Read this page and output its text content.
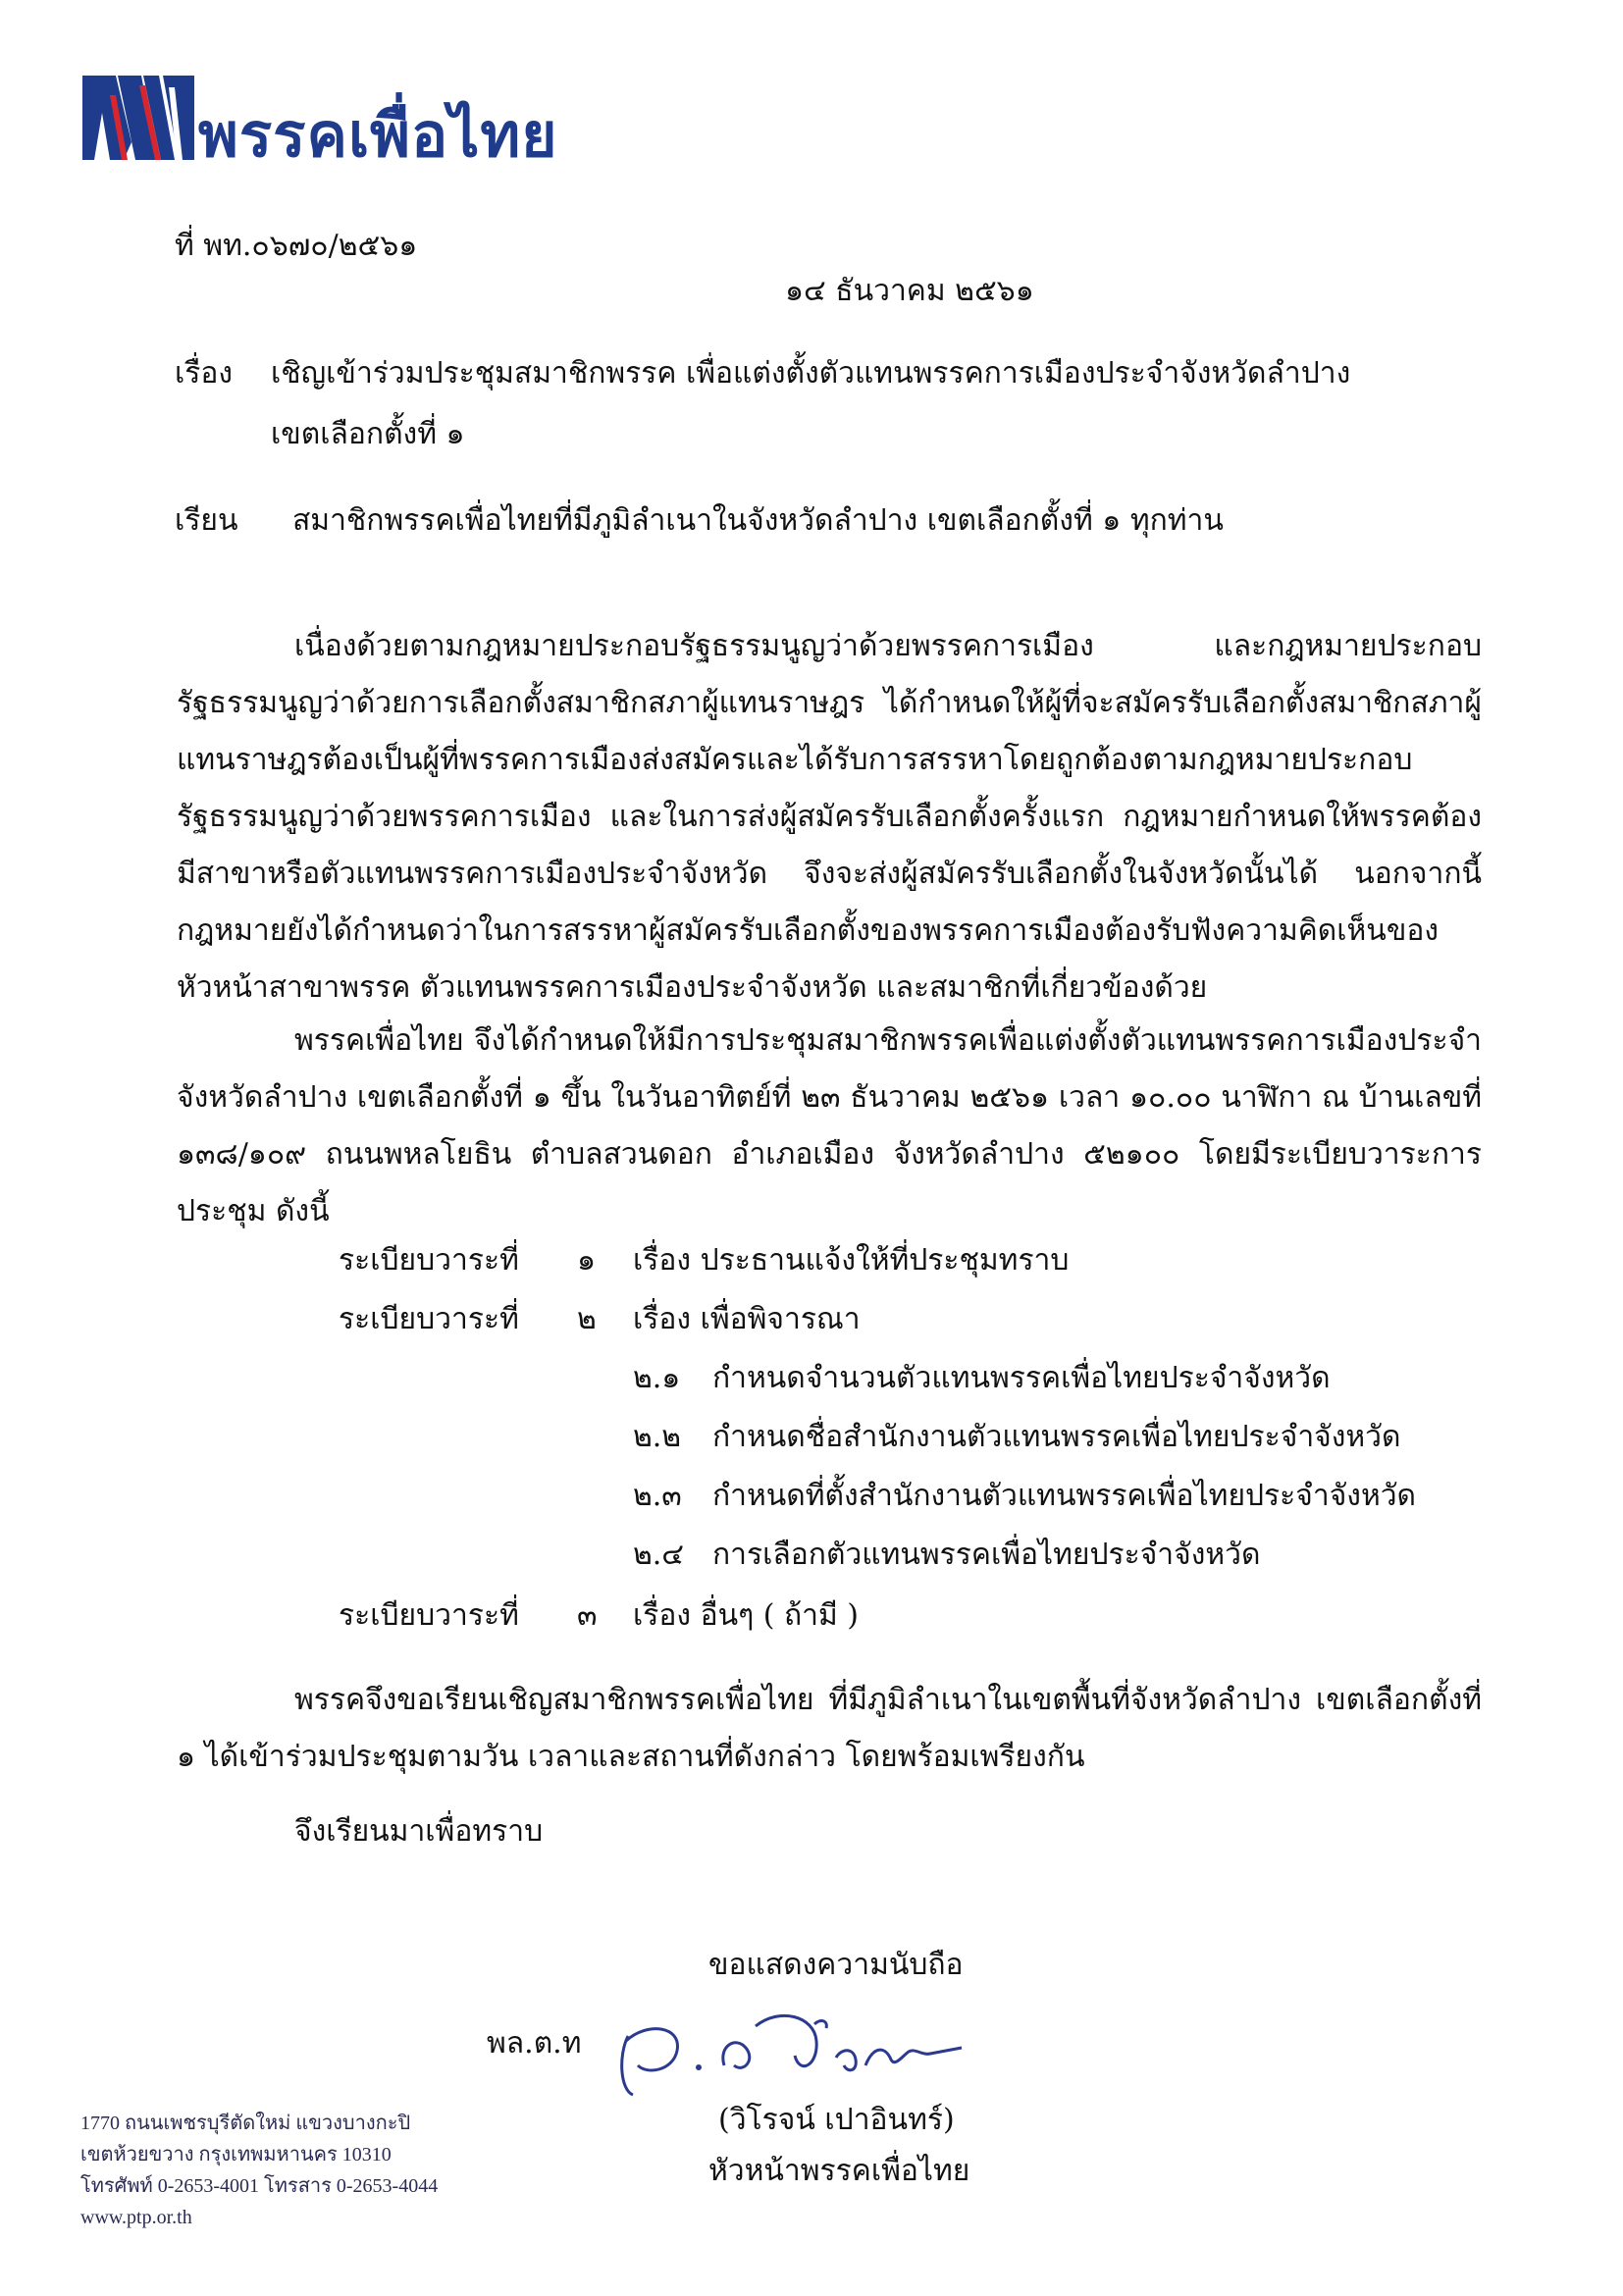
พรรคเพื่อไทย
ที่ พท.๐๖๗๐/๒๕๖๑
๑๔ ธันวาคม ๒๕๖๑
เรื่อง เชิญเข้าร่วมประชุมสมาชิกพรรค เพื่อแต่งตั้งตัวแทนพรรคการเมืองประจำจังหวัดลำปาง
เขตเลือกตั้งที่ ๑
เรียน สมาชิกพรรคเพื่อไทยที่มีภูมิลำเนาในจังหวัดลำปาง เขตเลือกตั้งที่ ๑ ทุกท่าน
เนื่องด้วยตามกฎหมายประกอบรัฐธรรมนูญว่าด้วยพรรคการเมือง และกฎหมายประกอบรัฐธรรมนูญว่าด้วยการเลือกตั้งสมาชิกสภาผู้แทนราษฎร ได้กำหนดให้ผู้ที่จะสมัครรับเลือกตั้งสมาชิกสภาผู้แทนราษฎรต้องเป็นผู้ที่พรรคการเมืองส่งสมัครและได้รับการสรรหาโดยถูกต้องตามกฎหมายประกอบรัฐธรรมนูญว่าด้วยพรรคการเมือง และในการส่งผู้สมัครรับเลือกตั้งครั้งแรก กฎหมายกำหนดให้พรรคต้องมีสาขาหรือตัวแทนพรรคการเมืองประจำจังหวัด จึงจะส่งผู้สมัครรับเลือกตั้งในจังหวัดนั้นได้ นอกจากนี้กฎหมายยังได้กำหนดว่าในการสรรหาผู้สมัครรับเลือกตั้งของพรรคการเมืองต้องรับฟังความคิดเห็นของหัวหน้าสาขาพรรค ตัวแทนพรรคการเมืองประจำจังหวัด และสมาชิกที่เกี่ยวข้องด้วย
พรรคเพื่อไทย จึงได้กำหนดให้มีการประชุมสมาชิกพรรคเพื่อแต่งตั้งตัวแทนพรรคการเมืองประจำจังหวัดลำปาง เขตเลือกตั้งที่ ๑ ขึ้น ในวันอาทิตย์ที่ ๒๓ ธันวาคม ๒๕๖๑ เวลา ๑๐.๐๐ นาฬิกา ณ บ้านเลขที่ ๑๓๘/๑๐๙ ถนนพหลโยธิน ตำบลสวนดอก อำเภอเมือง จังหวัดลำปาง ๕๒๑๐๐ โดยมีระเบียบวาระการประชุม ดังนี้
ระเบียบวาระที่ ๑ เรื่อง ประธานแจ้งให้ที่ประชุมทราบ
ระเบียบวาระที่ ๒ เรื่อง เพื่อพิจารณา
๒.๑ กำหนดจำนวนตัวแทนพรรคเพื่อไทยประจำจังหวัด
๒.๒ กำหนดชื่อสำนักงานตัวแทนพรรคเพื่อไทยประจำจังหวัด
๒.๓ กำหนดที่ตั้งสำนักงานตัวแทนพรรคเพื่อไทยประจำจังหวัด
๒.๔ การเลือกตัวแทนพรรคเพื่อไทยประจำจังหวัด
ระเบียบวาระที่ ๓ เรื่อง อื่นๆ ( ถ้ามี )
พรรคจึงขอเรียนเชิญสมาชิกพรรคเพื่อไทย ที่มีภูมิลำเนาในเขตพื้นที่จังหวัดลำปาง เขตเลือกตั้งที่ ๑ ได้เข้าร่วมประชุมตามวัน เวลาและสถานที่ดังกล่าว โดยพร้อมเพรียงกัน
จึงเรียนมาเพื่อทราบ
ขอแสดงความนับถือ
พล.ต.ท
(วิโรจน์ เปาอินทร์)
หัวหน้าพรรคเพื่อไทย
1770 ถนนเพชรบุรีตัดใหม่ แขวงบางกะปิ
เขตห้วยขวาง กรุงเทพมหานคร 10310
โทรศัพท์ 0-2653-4001 โทรสาร 0-2653-4044
www.ptp.or.th
